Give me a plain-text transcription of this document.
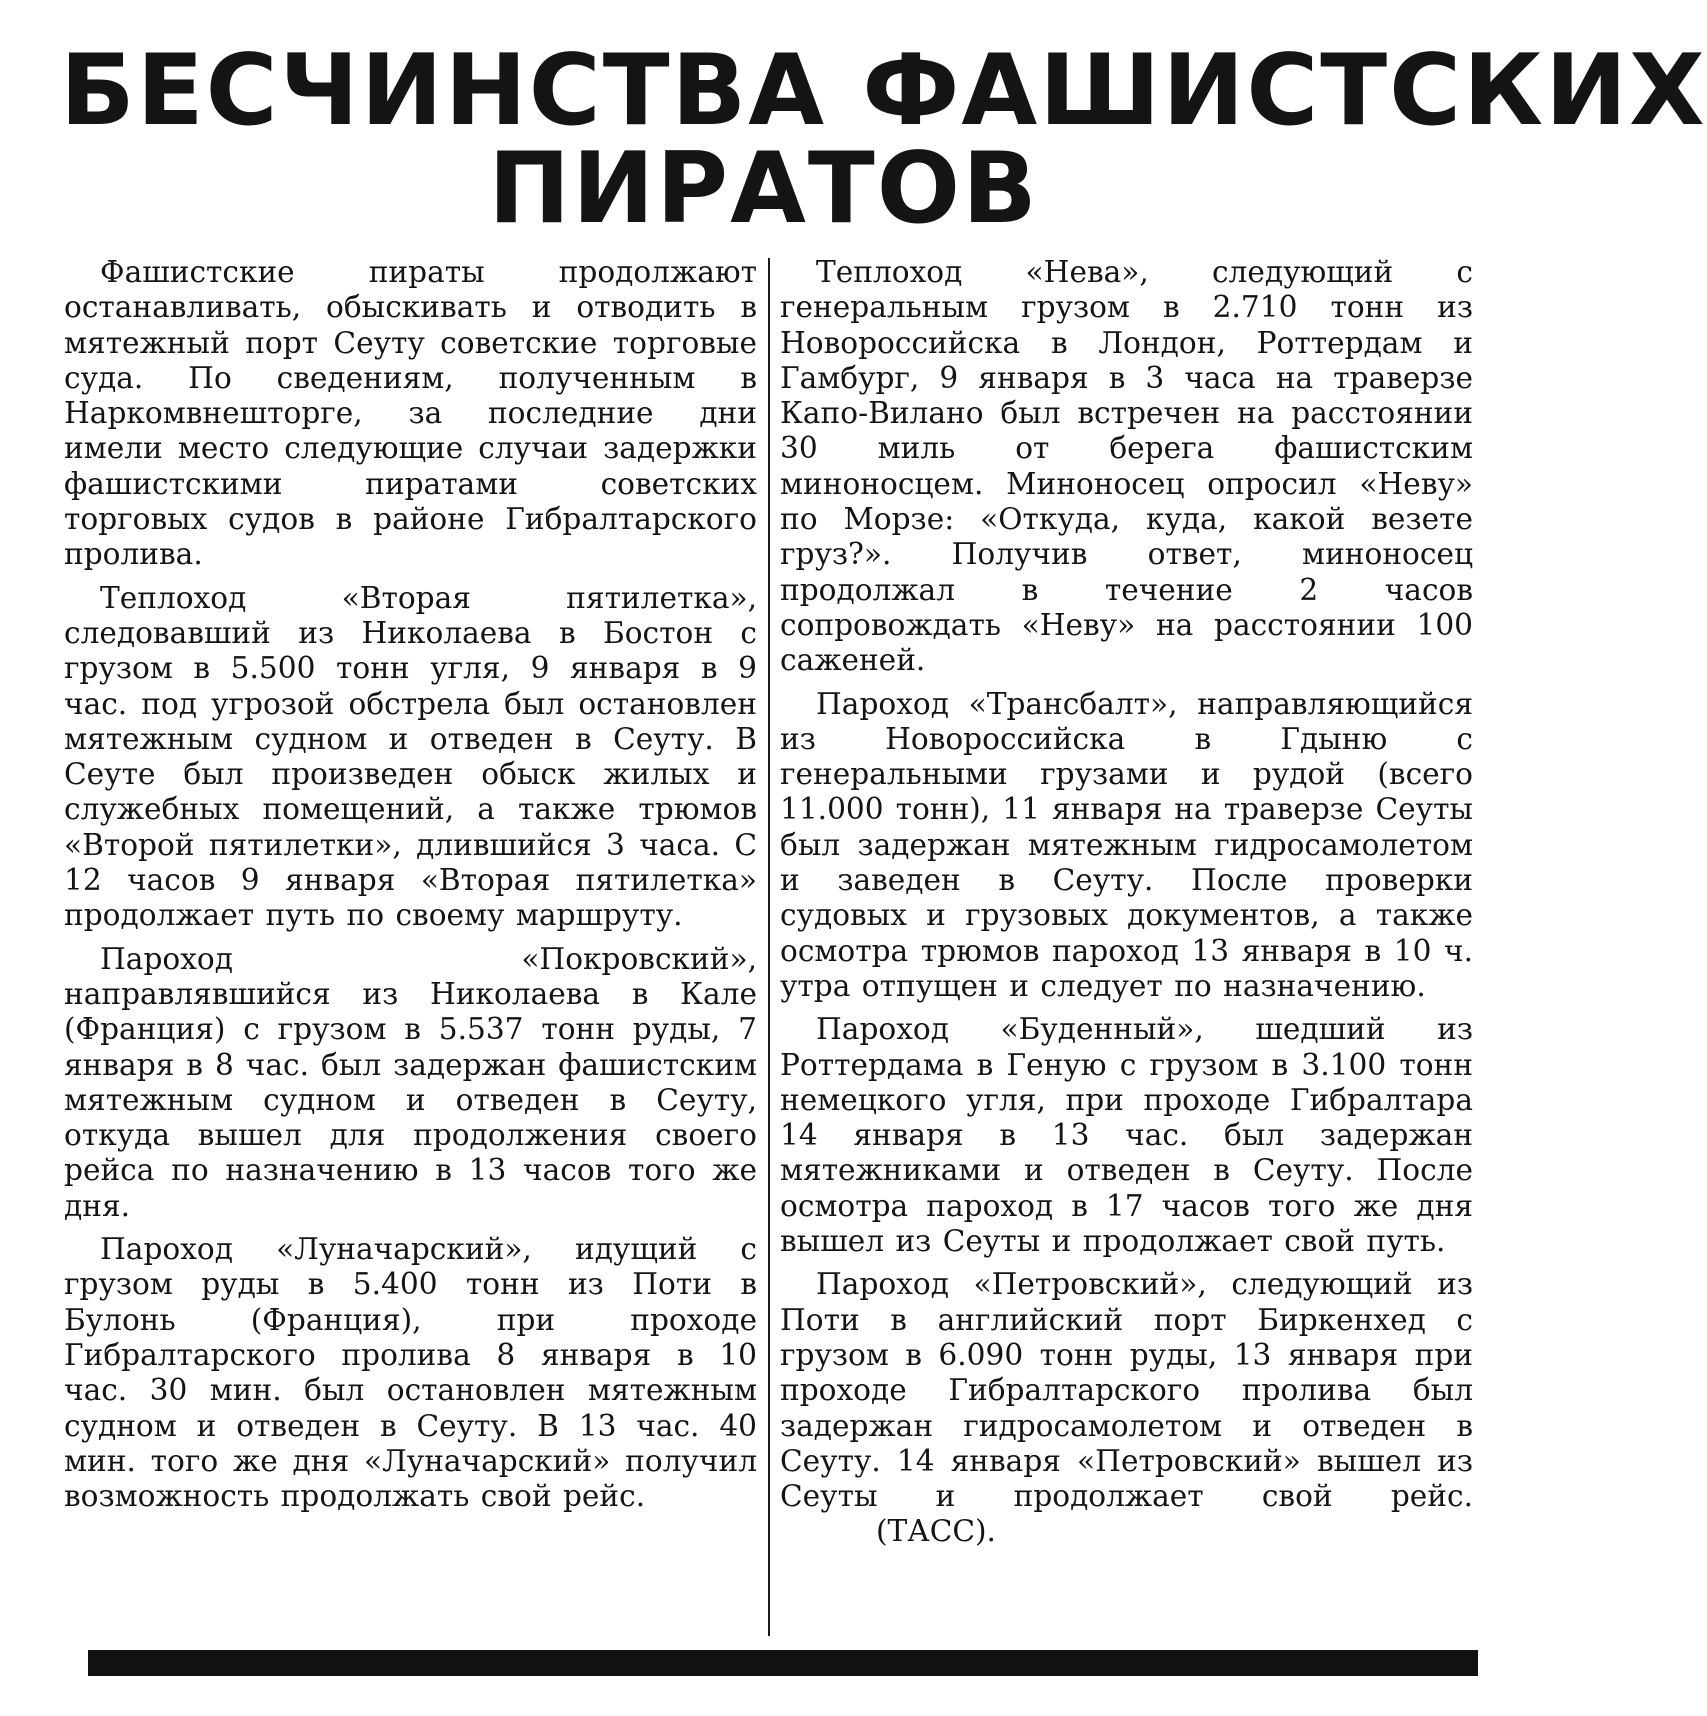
БЕСЧИНСТВА ФАШИСТСКИХ
ПИРАТОВ

Фашистские пираты продолжают останавливать, обыскивать и отводить в мятежный порт Сеуту советские торговые суда. По сведениям, полученным в Наркомвнешторге, за последние дни имели место следующие случаи задержки фашистскими пиратами советских торговых судов в районе Гибралтарского пролива.

Теплоход «Вторая пятилетка», следовавший из Николаева в Бостон с грузом в 5.500 тонн угля, 9 января в 9 час. под угрозой обстрела был остановлен мятежным судном и отведен в Сеуту. В Сеуте был произведен обыск жилых и служебных помещений, а также трюмов «Второй пятилетки», длившийся 3 часа. С 12 часов 9 января «Вторая пятилетка» продолжает путь по своему маршруту.

Пароход «Покровский», направлявшийся из Николаева в Кале (Франция) с грузом в 5.537 тонн руды, 7 января в 8 час. был задержан фашистским мятежным судном и отведен в Сеуту, откуда вышел для продолжения своего рейса по назначению в 13 часов того же дня.

Пароход «Луначарский», идущий с грузом руды в 5.400 тонн из Поти в Булонь (Франция), при проходе Гибралтарского пролива 8 января в 10 час. 30 мин. был остановлен мятежным судном и отведен в Сеуту. В 13 час. 40 мин. того же дня «Луначарский» получил возможность продолжать свой рейс.

Теплоход «Нева», следующий с генеральным грузом в 2.710 тонн из Новороссийска в Лондон, Роттердам и Гамбург, 9 января в 3 часа на траверзе Капо-Вилано был встречен на расстоянии 30 миль от берега фашистским миноносцем. Миноносец опросил «Неву» по Морзе: «Откуда, куда, какой везете груз?». Получив ответ, миноносец продолжал в течение 2 часов сопровождать «Неву» на расстоянии 100 саженей.

Пароход «Трансбалт», направляющийся из Новороссийска в Гдыню с генеральными грузами и рудой (всего 11.000 тонн), 11 января на траверзе Сеуты был задержан мятежным гидросамолетом и заведен в Сеуту. После проверки судовых и грузовых документов, а также осмотра трюмов пароход 13 января в 10 ч. утра отпущен и следует по назначению.

Пароход «Буденный», шедший из Роттердама в Геную с грузом в 3.100 тонн немецкого угля, при проходе Гибралтара 14 января в 13 час. был задержан мятежниками и отведен в Сеуту. После осмотра пароход в 17 часов того же дня вышел из Сеуты и продолжает свой путь.

Пароход «Петровский», следующий из Поти в английский порт Биркенхед с грузом в 6.090 тонн руды, 13 января при проходе Гибралтарского пролива был задержан гидросамолетом и отведен в Сеуту. 14 января «Петровский» вышел из Сеуты и продолжает свой рейс.(ТАСС).
